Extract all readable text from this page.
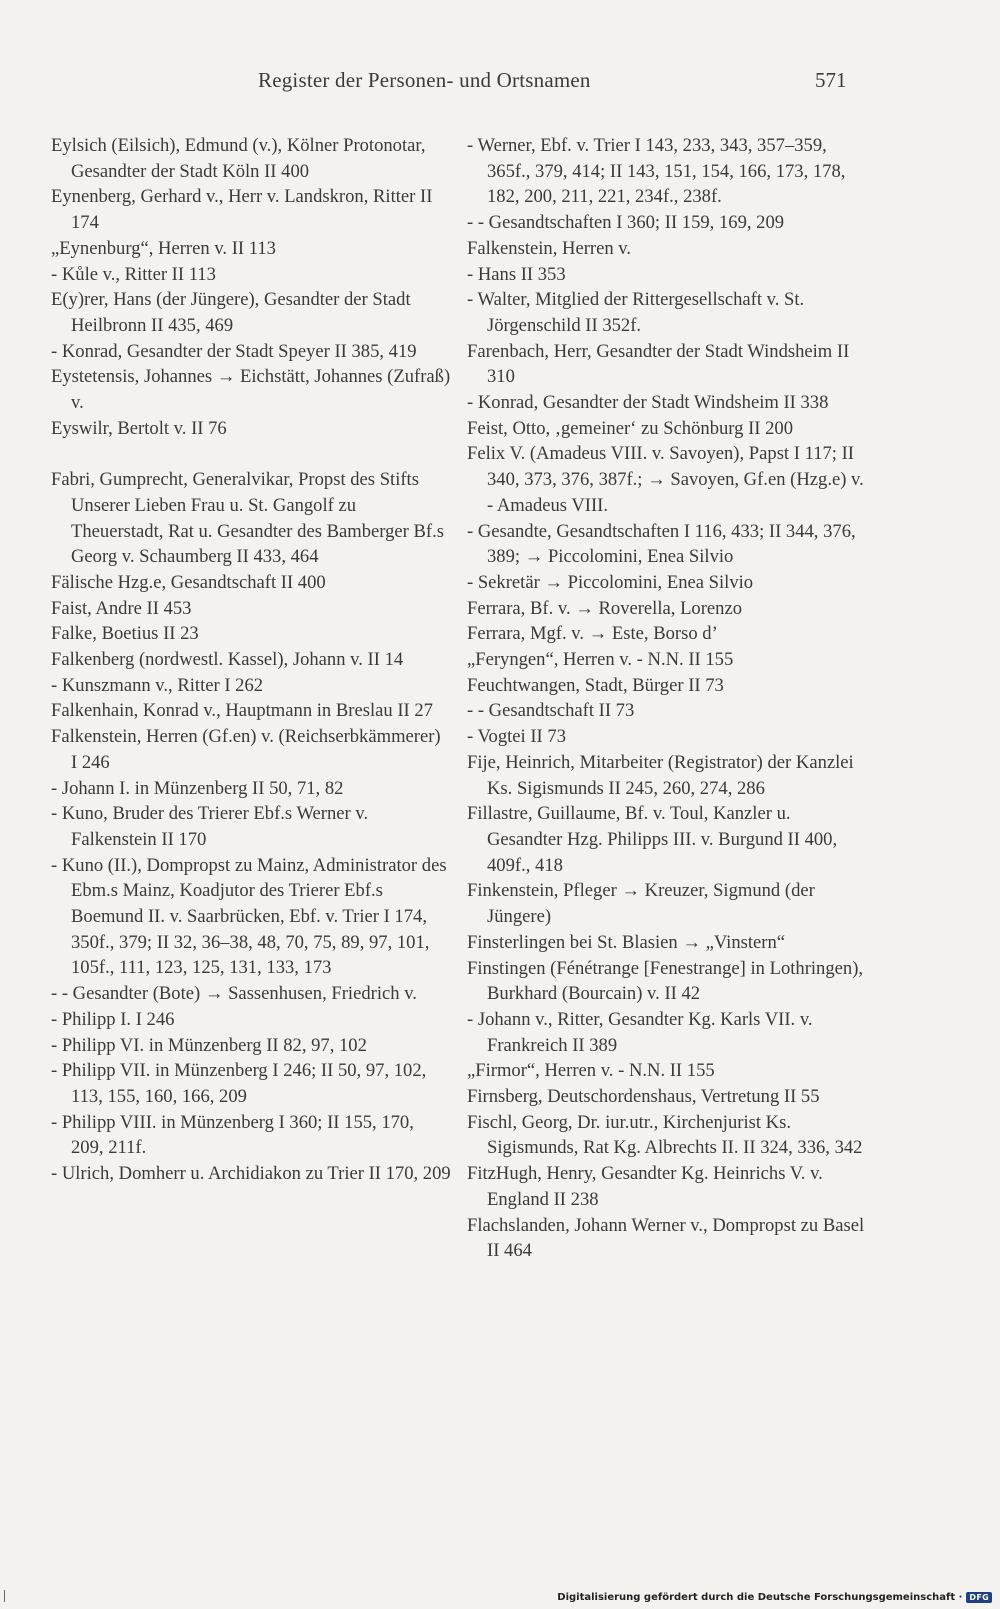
Register der Personen- und Ortsnamen	571
Eylsich (Eilsich), Edmund (v.), Kölner Protonotar, Gesandter der Stadt Köln II 400
Eynenberg, Gerhard v., Herr v. Landskron, Ritter II 174
„Eynenburg“, Herren v. II 113
- Kůle v., Ritter II 113
E(y)rer, Hans (der Jüngere), Gesandter der Stadt Heilbronn II 435, 469
- Konrad, Gesandter der Stadt Speyer II 385, 419
Eystetensis, Johannes → Eichstätt, Johannes (Zufraß) v.
Eyswilr, Bertolt v. II 76
Fabri, Gumprecht, Generalvikar, Propst des Stifts Unserer Lieben Frau u. St. Gangolf zu Theuerstadt, Rat u. Gesandter des Bamberger Bf.s Georg v. Schaumberg II 433, 464
Fälische Hzg.e, Gesandtschaft II 400
Faist, Andre II 453
Falke, Boetius II 23
Falkenberg (nordwestl. Kassel), Johann v. II 14
- Kunszmann v., Ritter I 262
Falkenhain, Konrad v., Hauptmann in Breslau II 27
Falkenstein, Herren (Gf.en) v. (Reichserbkämmerer) I 246
- Johann I. in Münzenberg II 50, 71, 82
- Kuno, Bruder des Trierer Ebf.s Werner v. Falkenstein II 170
- Kuno (II.), Dompropst zu Mainz, Administrator des Ebm.s Mainz, Koadjutor des Trierer Ebf.s Boemund II. v. Saarbrücken, Ebf. v. Trier I 174, 350f., 379; II 32, 36–38, 48, 70, 75, 89, 97, 101, 105f., 111, 123, 125, 131, 133, 173
- - Gesandter (Bote) → Sassenhusen, Friedrich v.
- Philipp I. I 246
- Philipp VI. in Münzenberg II 82, 97, 102
- Philipp VII. in Münzenberg I 246; II 50, 97, 102, 113, 155, 160, 166, 209
- Philipp VIII. in Münzenberg I 360; II 155, 170, 209, 211f.
- Ulrich, Domherr u. Archidiakon zu Trier II 170, 209
- Werner, Ebf. v. Trier I 143, 233, 343, 357–359, 365f., 379, 414; II 143, 151, 154, 166, 173, 178, 182, 200, 211, 221, 234f., 238f.
- - Gesandtschaften I 360; II 159, 169, 209
Falkenstein, Herren v.
- Hans II 353
- Walter, Mitglied der Rittergesellschaft v. St. Jörgenschild II 352f.
Farenbach, Herr, Gesandter der Stadt Windsheim II 310
- Konrad, Gesandter der Stadt Windsheim II 338
Feist, Otto, ‚gemeiner‘ zu Schönburg II 200
Felix V. (Amadeus VIII. v. Savoyen), Papst I 117; II 340, 373, 376, 387f.; → Savoyen, Gf.en (Hzg.e) v. - Amadeus VIII.
- Gesandte, Gesandtschaften I 116, 433; II 344, 376, 389; → Piccolomini, Enea Silvio
- Sekretär → Piccolomini, Enea Silvio
Ferrara, Bf. v. → Roverella, Lorenzo
Ferrara, Mgf. v. → Este, Borso d’
„Feryngen“, Herren v. - N.N. II 155
Feuchtwangen, Stadt, Bürger II 73
- - Gesandtschaft II 73
- Vogtei II 73
Fije, Heinrich, Mitarbeiter (Registrator) der Kanzlei Ks. Sigismunds II 245, 260, 274, 286
Fillastre, Guillaume, Bf. v. Toul, Kanzler u. Gesandter Hzg. Philipps III. v. Burgund II 400, 409f., 418
Finkenstein, Pfleger → Kreuzer, Sigmund (der Jüngere)
Finsterlingen bei St. Blasien → „Vinstern“
Finstingen (Fénétrange [Fenestrange] in Lothringen), Burkhard (Bourcain) v. II 42
- Johann v., Ritter, Gesandter Kg. Karls VII. v. Frankreich II 389
„Firmor“, Herren v. - N.N. II 155
Firnsberg, Deutschordenshaus, Vertretung II 55
Fischl, Georg, Dr. iur.utr., Kirchenjurist Ks. Sigismunds, Rat Kg. Albrechts II. II 324, 336, 342
FitzHugh, Henry, Gesandter Kg. Heinrichs V. v. England II 238
Flachslanden, Johann Werner v., Dompropst zu Basel II 464
Digitalisierung gefördert durch die Deutsche Forschungsgemeinschaft · DFG
